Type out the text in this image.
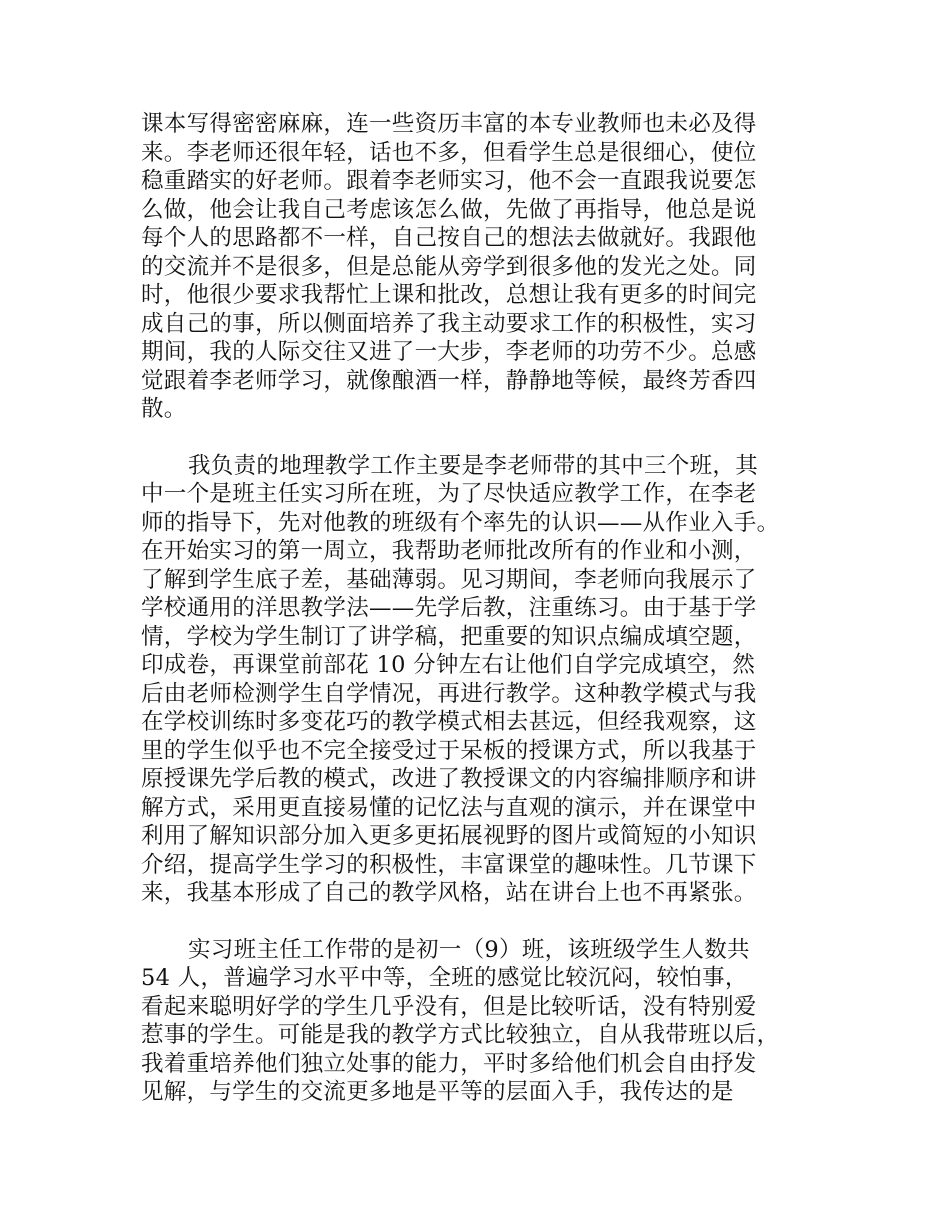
课本写得密密麻麻，连一些资历丰富的本专业教师也未必及得
来。李老师还很年轻，话也不多，但看学生总是很细心，使位
稳重踏实的好老师。跟着李老师实习，他不会一直跟我说要怎
么做，他会让我自己考虑该怎么做，先做了再指导，他总是说
每个人的思路都不一样，自己按自己的想法去做就好。我跟他
的交流并不是很多，但是总能从旁学到很多他的发光之处。同
时，他很少要求我帮忙上课和批改，总想让我有更多的时间完
成自己的事，所以侧面培养了我主动要求工作的积极性，实习
期间，我的人际交往又进了一大步，李老师的功劳不少。总感
觉跟着李老师学习，就像酿酒一样，静静地等候，最终芳香四
散。
我负责的地理教学工作主要是李老师带的其中三个班，其
中一个是班主任实习所在班，为了尽快适应教学工作，在李老
师的指导下，先对他教的班级有个率先的认识——从作业入手。
在开始实习的第一周立，我帮助老师批改所有的作业和小测，
了解到学生底子差，基础薄弱。见习期间，李老师向我展示了
学校通用的洋思教学法——先学后教，注重练习。由于基于学
情，学校为学生制订了讲学稿，把重要的知识点编成填空题，
印成卷，再课堂前部花 10 分钟左右让他们自学完成填空，然
后由老师检测学生自学情况，再进行教学。这种教学模式与我
在学校训练时多变花巧的教学模式相去甚远，但经我观察，这
里的学生似乎也不完全接受过于呆板的授课方式，所以我基于
原授课先学后教的模式，改进了教授课文的内容编排顺序和讲
解方式，采用更直接易懂的记忆法与直观的演示，并在课堂中
利用了解知识部分加入更多更拓展视野的图片或简短的小知识
介绍，提高学生学习的积极性，丰富课堂的趣味性。几节课下
来，我基本形成了自己的教学风格，站在讲台上也不再紧张。
实习班主任工作带的是初一（9）班，该班级学生人数共
54 人，普遍学习水平中等，全班的感觉比较沉闷，较怕事，
看起来聪明好学的学生几乎没有，但是比较听话，没有特别爱
惹事的学生。可能是我的教学方式比较独立，自从我带班以后，
我着重培养他们独立处事的能力，平时多给他们机会自由抒发
见解，与学生的交流更多地是平等的层面入手，我传达的是
